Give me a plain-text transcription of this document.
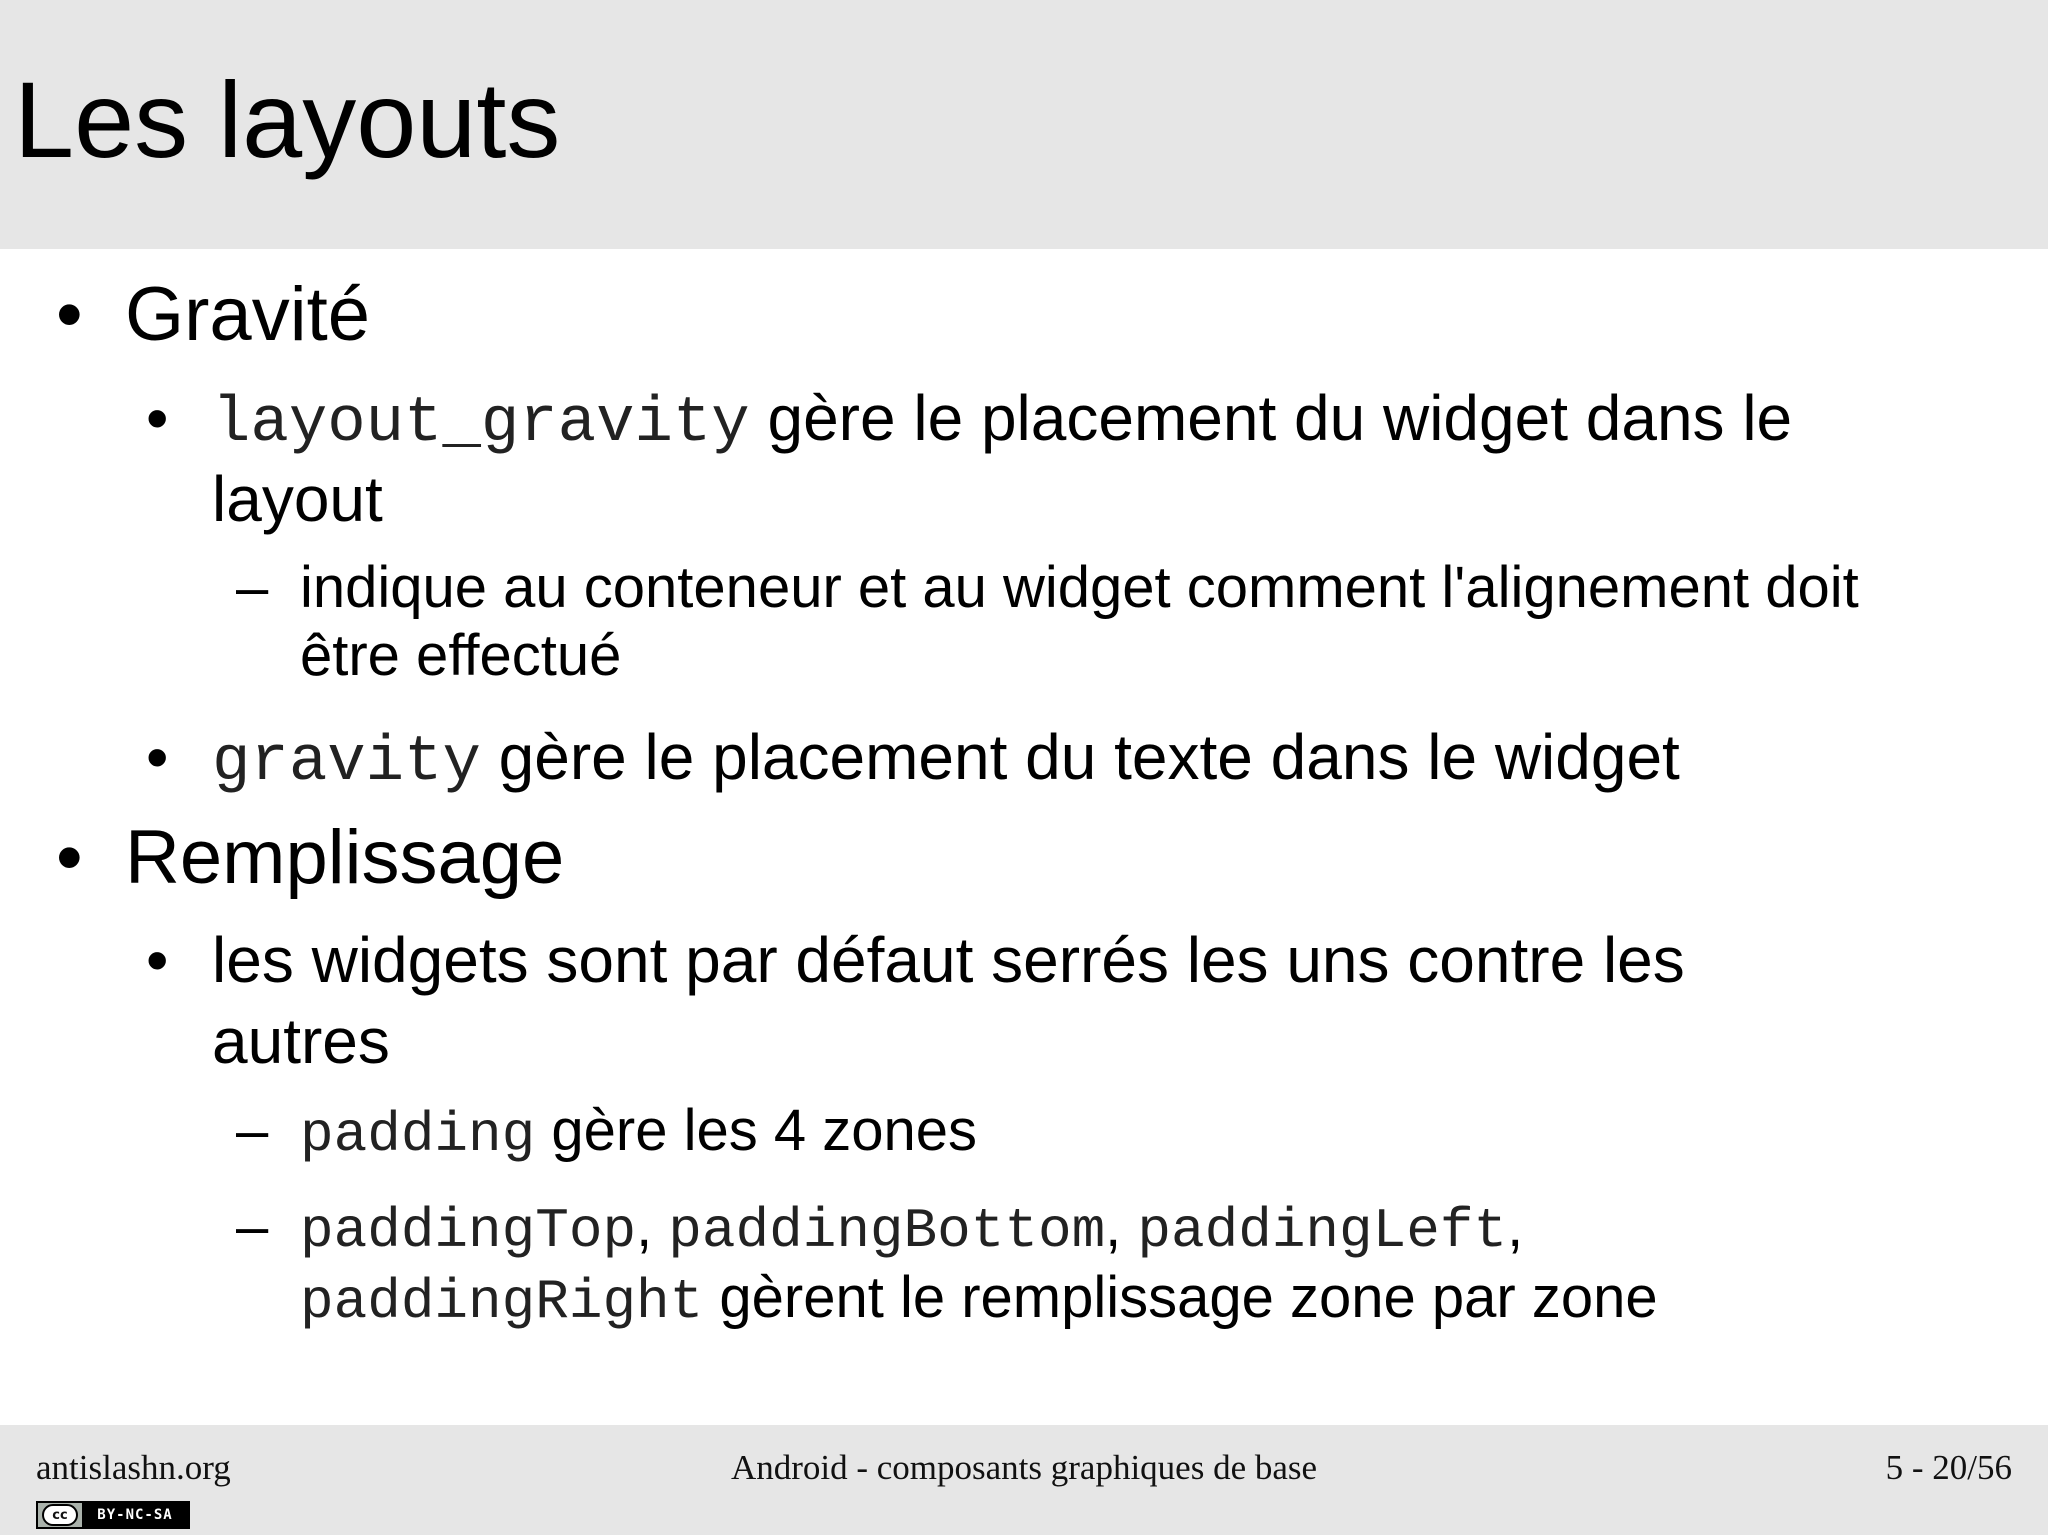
Les layouts
• Gravité
• layout_gravity gère le placement du widget dans le
layout
– indique au conteneur et au widget comment l'alignement doit
être effectué
• gravity gère le placement du texte dans le widget
• Remplissage
• les widgets sont par défaut serrés les uns contre les
autres
– padding gère les 4 zones
– paddingTop, paddingBottom, paddingLeft,
paddingRight gèrent le remplissage zone par zone
antislashn.org	Android - composants graphiques de base	5 - 20/56
cc	BY-NC-SA
